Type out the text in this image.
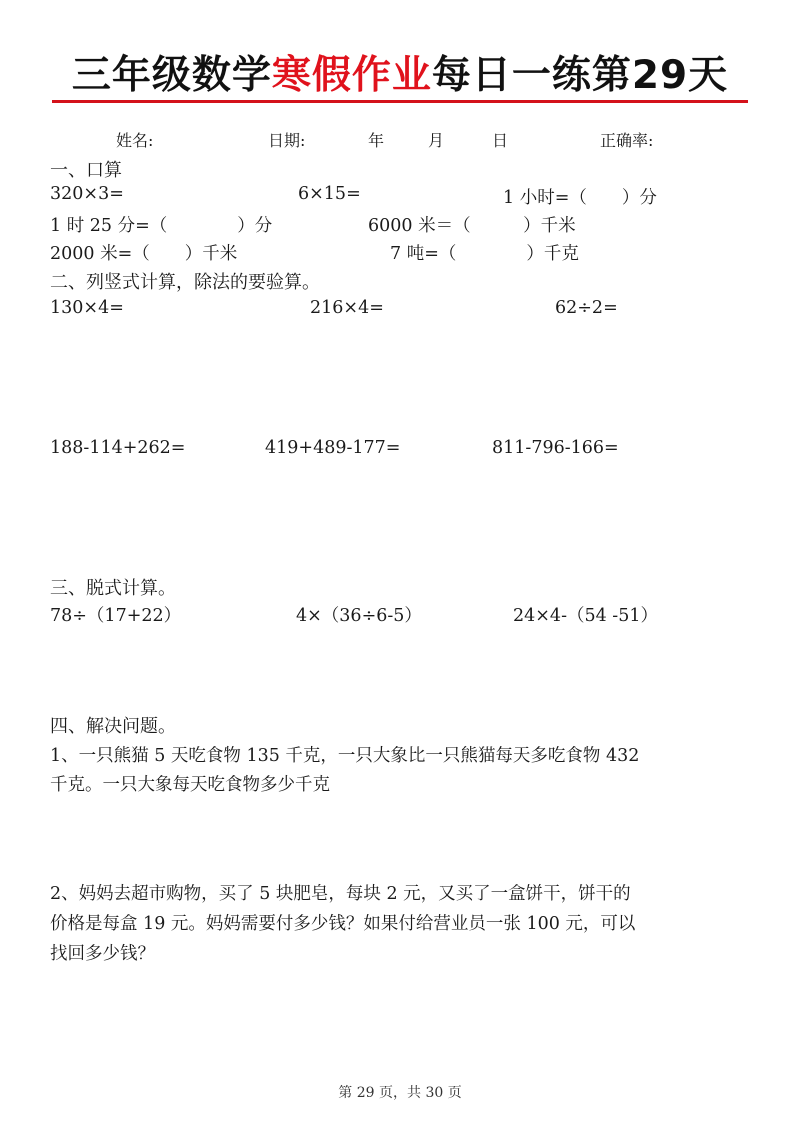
三年级数学寒假作业每日一练第29天
姓名:	日期:	年	月	日	正确率:
一、口算
320×3=	6×15=	1 小时=（　　）分
1 时 25 分=（　　　　）分	6000 米＝（　　　）千米
2000 米=（　　）千米	7 吨=（　　　　）千克
二、列竖式计算，除法的要验算。
130×4=	216×4=	62÷2=
188-114+262=	419+489-177=	811-796-166=
三、脱式计算。
78÷（17+22）	4×（36÷6-5）	24×4-（54 -51）
四、解决问题。
1、一只熊猫 5 天吃食物 135 千克，一只大象比一只熊猫每天多吃食物 432
千克。一只大象每天吃食物多少千克
2、妈妈去超市购物，买了 5 块肥皂，每块 2 元，又买了一盒饼干，饼干的
价格是每盒 19 元。妈妈需要付多少钱？如果付给营业员一张 100 元，可以
找回多少钱？
第 29 页，共 30 页
